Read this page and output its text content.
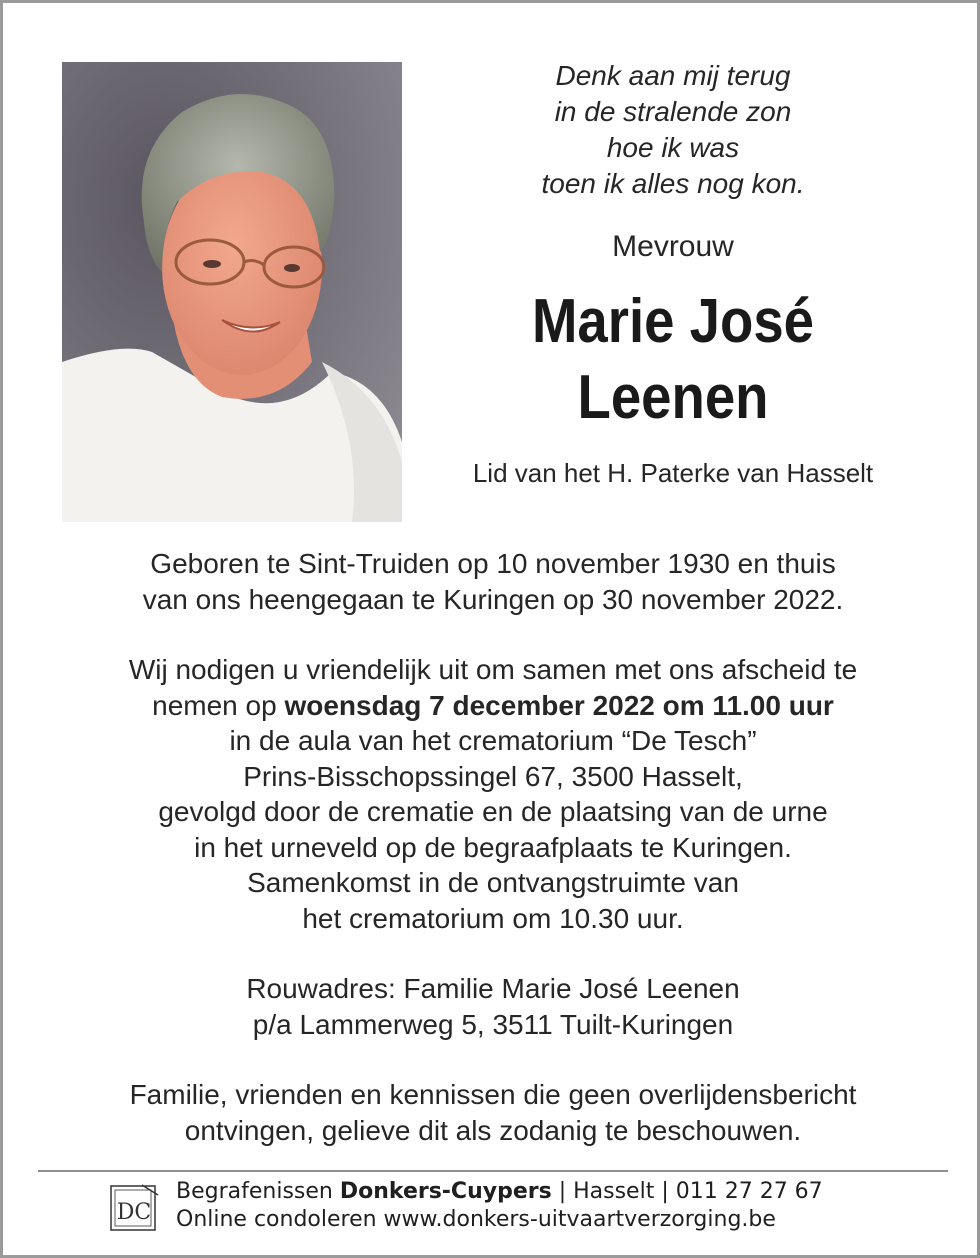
Denk aan mij terug
in de stralende zon
hoe ik was
toen ik alles nog kon.
Mevrouw
Marie José
Leenen
Lid van het H. Paterke van Hasselt

Geboren te Sint-Truiden op 10 november 1930 en thuis

van ons heengegaan te Kuringen op 30 november 2022.

Wij nodigen u vriendelijk uit om samen met ons afscheid te

nemen op woensdag 7 december 2022 om 11.00 uur

in de aula van het crematorium “De Tesch”

Prins-Bisschopssingel 67, 3500 Hasselt,

gevolgd door de crematie en de plaatsing van de urne

in het urneveld op de begraafplaats te Kuringen.

Samenkomst in de ontvangstruimte van

het crematorium om 10.30 uur.

Rouwadres: Familie Marie José Leenen

p/a Lammerweg 5, 3511 Tuilt-Kuringen

Familie, vrienden en kennissen die geen overlijdensbericht

ontvingen, gelieve dit als zodanig te beschouwen.

DC
Begrafenissen Donkers-Cuypers | Hasselt | 011 27 27 67
Online condoleren www.donkers-uitvaartverzorging.be
